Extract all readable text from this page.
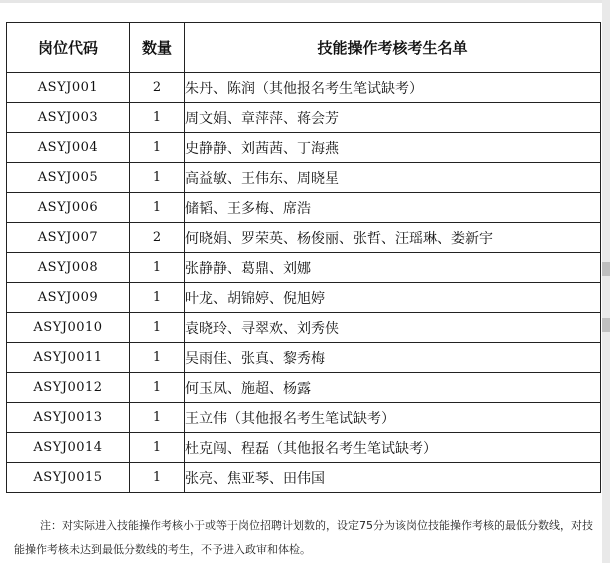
岗位代码	数量	技能操作考核考生名单
ASYJ001	2	朱丹、陈润（其他报名考生笔试缺考）
ASYJ003	1	周文娟、章萍萍、蒋会芳
ASYJ004	1	史静静、刘茜茜、丁海燕
ASYJ005	1	高益敏、王伟东、周晓星
ASYJ006	1	储韬、王多梅、席浩
ASYJ007	2	何晓娟、罗荣英、杨俊丽、张哲、汪瑶琳、娄新宇
ASYJ008	1	张静静、葛鼎、刘娜
ASYJ009	1	叶龙、胡锦婷、倪旭婷
ASYJ0010	1	袁晓玲、寻翠欢、刘秀侠
ASYJ0011	1	吴雨佳、张真、黎秀梅
ASYJ0012	1	何玉凤、施超、杨露
ASYJ0013	1	王立伟（其他报名考生笔试缺考）
ASYJ0014	1	杜克闯、程磊（其他报名考生笔试缺考）
ASYJ0015	1	张亮、焦亚琴、田伟国

注：对实际进入技能操作考核小于或等于岗位招聘计划数的，设定75分为该岗位技能操作考核的最低分数线，对技能操作考核未达到最低分数线的考生，不予进入政审和体检。
